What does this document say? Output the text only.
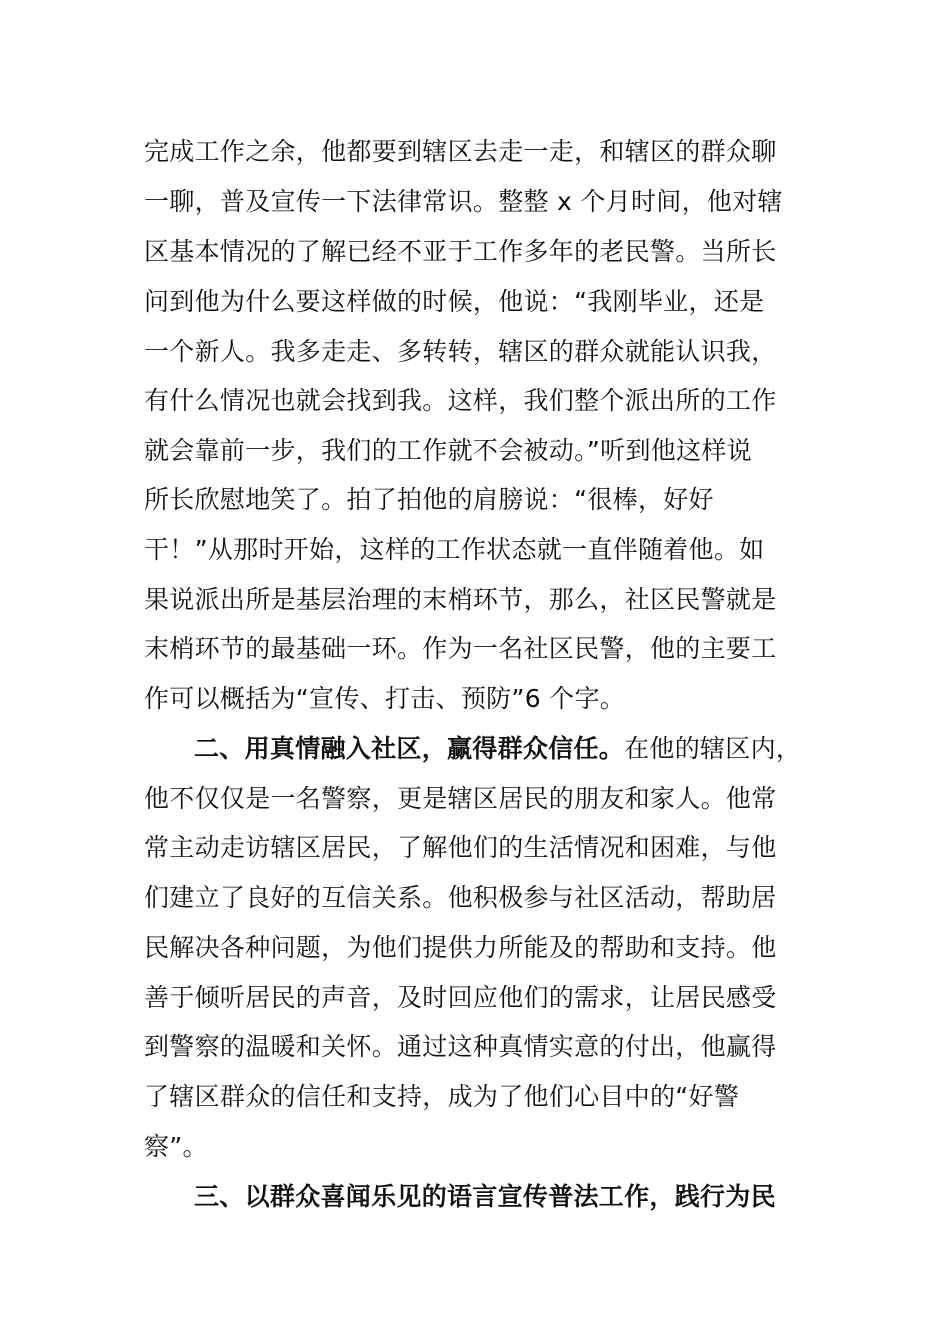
完成工作之余，他都要到辖区去走一走，和辖区的群众聊
一聊，普及宣传一下法律常识。整整 x 个月时间，他对辖
区基本情况的了解已经不亚于工作多年的老民警。当所长
问到他为什么要这样做的时候，他说：“我刚毕业，还是
一个新人。我多走走、多转转，辖区的群众就能认识我，
有什么情况也就会找到我。这样，我们整个派出所的工作
就会靠前一步，我们的工作就不会被动。”听到他这样说
所长欣慰地笑了。拍了拍他的肩膀说：“很棒，好好
干！”从那时开始，这样的工作状态就一直伴随着他。如
果说派出所是基层治理的末梢环节，那么，社区民警就是
末梢环节的最基础一环。作为一名社区民警，他的主要工
作可以概括为“宣传、打击、预防”6 个字。
二、用真情融入社区，赢得群众信任。在他的辖区内，
他不仅仅是一名警察，更是辖区居民的朋友和家人。他常
常主动走访辖区居民，了解他们的生活情况和困难，与他
们建立了良好的互信关系。他积极参与社区活动，帮助居
民解决各种问题，为他们提供力所能及的帮助和支持。他
善于倾听居民的声音，及时回应他们的需求，让居民感受
到警察的温暖和关怀。通过这种真情实意的付出，他赢得
了辖区群众的信任和支持，成为了他们心目中的“好警
察”。
三、以群众喜闻乐见的语言宣传普法工作，践行为民
